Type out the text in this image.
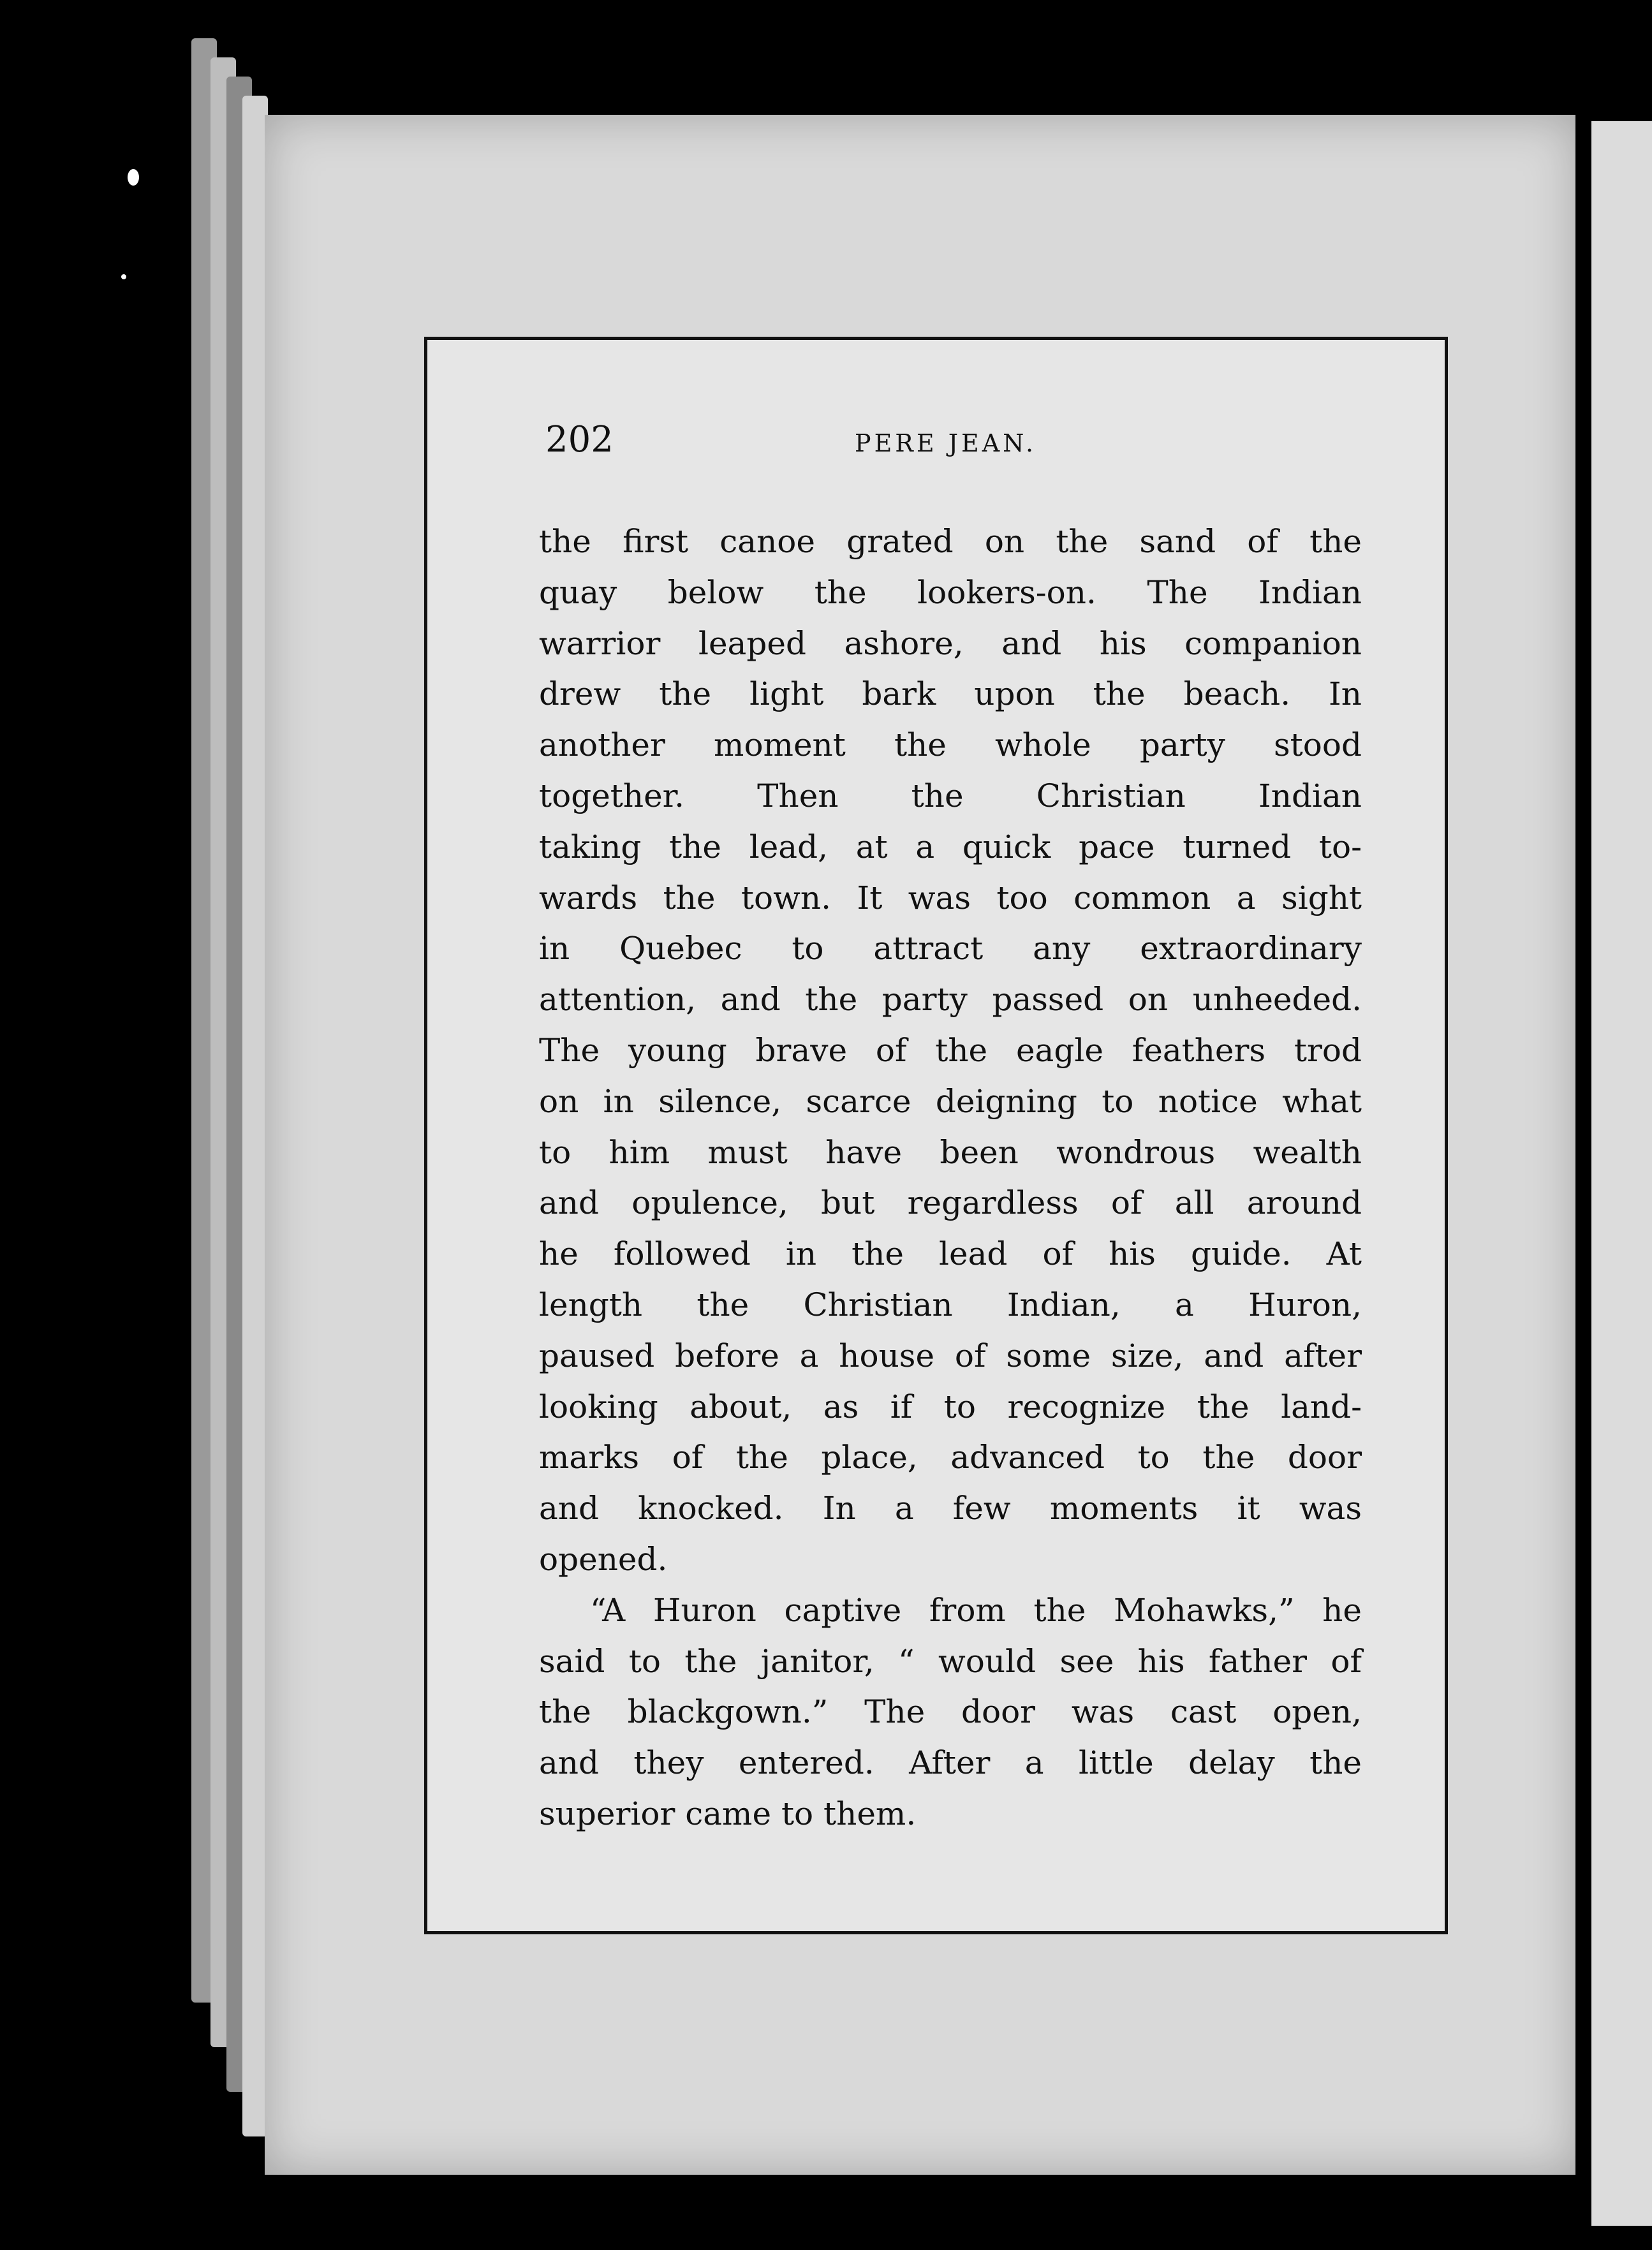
202	PERE JEAN.
the first canoe grated on the sand of the
quay below the lookers-on. The Indian
warrior leaped ashore, and his companion
drew the light bark upon the beach. In
another moment the whole party stood
together. Then the Christian Indian
taking the lead, at a quick pace turned to-
wards the town. It was too common a sight
in Quebec to attract any extraordinary
attention, and the party passed on unheeded.
The young brave of the eagle feathers trod
on in silence, scarce deigning to notice what
to him must have been wondrous wealth
and opulence, but regardless of all around
he followed in the lead of his guide. At
length the Christian Indian, a Huron,
paused before a house of some size, and after
looking about, as if to recognize the land-
marks of the place, advanced to the door
and knocked. In a few moments it was
opened.
“A Huron captive from the Mohawks,” he
said to the janitor, “ would see his father of
the blackgown.” The door was cast open,
and they entered. After a little delay the
superior came to them.
